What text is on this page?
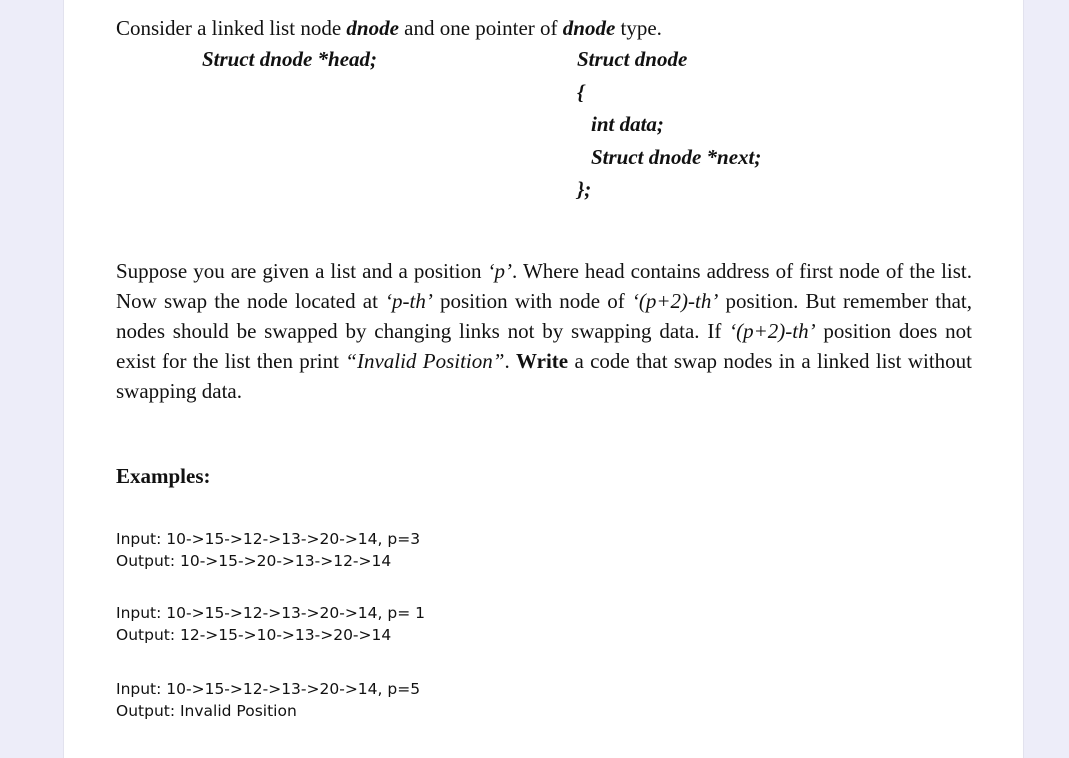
Consider a linked list node dnode and one pointer of dnode type.
Struct dnode *head;	Struct dnode
{
int data;
Struct dnode *next;
};
Suppose you are given a list and a position ‘p’. Where head contains address of first node of the list. Now swap the node located at ‘p-th’ position with node of ‘(p+2)-th’ position. But remember that, nodes should be swapped by changing links not by swapping data. If ‘(p+2)-th’ position does not exist for the list then print “Invalid Position”. Write a code that swap nodes in a linked list without swapping data.
Examples:
Input: 10->15->12->13->20->14, p=3
Output: 10->15->20->13->12->14
Input: 10->15->12->13->20->14, p= 1
Output: 12->15->10->13->20->14
Input: 10->15->12->13->20->14, p=5
Output: Invalid Position
